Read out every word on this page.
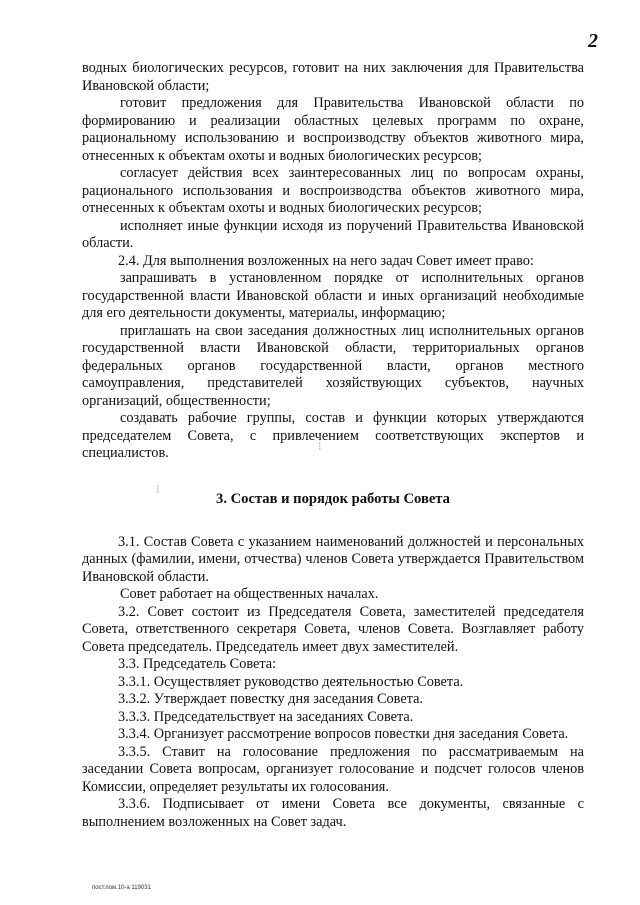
2

водных биологических ресурсов, готовит на них заключения для Правительства Ивановской области;

готовит предложения для Правительства Ивановской области по формированию и реализации областных целевых программ по охране, рациональному использованию и воспроизводству объектов животного мира, отнесенных к объектам охоты и водных биологических ресурсов;

согласует действия всех заинтересованных лиц по вопросам охраны, рационального использования и воспроизводства объектов животного мира, отнесенных к объектам охоты и водных биологических ресурсов;

исполняет иные функции исходя из поручений Правительства Ивановской области.

2.4. Для выполнения возложенных на него задач Совет имеет право:

запрашивать в установленном порядке от исполнительных органов государственной власти Ивановской области и иных организаций необходимые для его деятельности документы, материалы, информацию;

приглашать на свои заседания должностных лиц исполнительных органов государственной власти Ивановской области, территориальных органов федеральных органов государственной власти, органов местного самоуправления, представителей хозяйствующих субъектов, научных организаций, общественности;

создавать рабочие группы, состав и функции которых утверждаются председателем Совета, с привлечением соответствующих экспертов и специалистов.

3. Состав и порядок работы Совета

3.1. Состав Совета с указанием наименований должностей и персональных данных (фамилии, имени, отчества) членов Совета утверждается Правительством Ивановской области.

Совет работает на общественных началах.

3.2. Совет состоит из Председателя Совета, заместителей председателя Совета, ответственного секретаря Совета, членов Совета. Возглавляет работу Совета председатель. Председатель имеет двух заместителей.

3.3. Председатель Совета:

3.3.1. Осуществляет руководство деятельностью Совета.

3.3.2. Утверждает повестку дня заседания Совета.

3.3.3. Председательствует на заседаниях Совета.

3.3.4. Организует рассмотрение вопросов повестки дня заседания Совета.

3.3.5. Ставит на голосование предложения по рассматриваемым на заседании Совета вопросам, организует голосование и подсчет голосов членов Комиссии, определяет результаты их голосования.

3.3.6. Подписывает от имени Совета все документы, связанные с выполнением возложенных на Совет задач.

⁝
⁝
пост.пом.10-а 119031
